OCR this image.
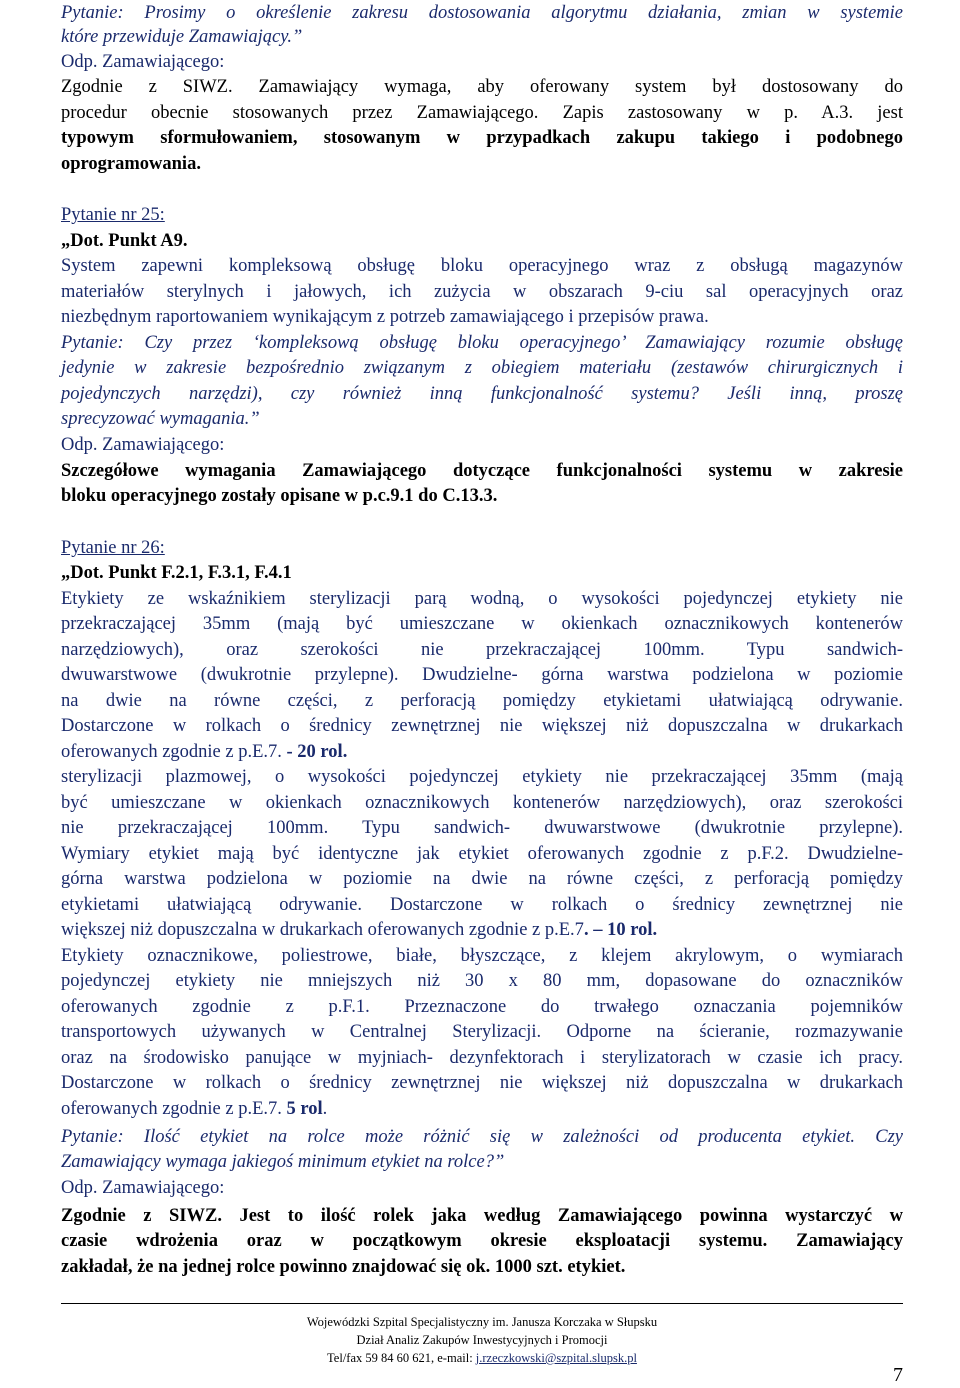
Pytanie: Prosimy o określenie zakresu dostosowania algorytmu działania, zmian w systemie
które przewiduje Zamawiający.”
Odp. Zamawiającego:
Zgodnie z SIWZ. Zamawiający wymaga, aby oferowany system był dostosowany do
procedur obecnie stosowanych przez Zamawiającego. Zapis zastosowany w p. A.3. jest
typowym sformułowaniem, stosowanym w przypadkach zakupu takiego i podobnego
oprogramowania.
Pytanie nr 25:
„Dot. Punkt A9.
System zapewni kompleksową obsługę bloku operacyjnego wraz z obsługą magazynów
materiałów sterylnych i jałowych, ich zużycia w obszarach 9-ciu sal operacyjnych oraz
niezbędnym raportowaniem wynikającym z potrzeb zamawiającego i przepisów prawa.
Pytanie: Czy przez ‘kompleksową obsługę bloku operacyjnego’ Zamawiający rozumie obsługę
jedynie w zakresie bezpośrednio związanym z obiegiem materiału (zestawów chirurgicznych i
pojedynczych narzędzi), czy również inną funkcjonalność systemu? Jeśli inną, proszę
sprecyzować wymagania.”
Odp. Zamawiającego:
Szczegółowe wymagania Zamawiającego dotyczące funkcjonalności systemu w zakresie
bloku operacyjnego zostały opisane w p.c.9.1 do C.13.3.
Pytanie nr 26:
„Dot. Punkt F.2.1, F.3.1, F.4.1
Etykiety ze wskaźnikiem sterylizacji parą wodną, o wysokości pojedynczej etykiety nie
przekraczającej 35mm (mają być umieszczane w okienkach oznacznikowych kontenerów
narzędziowych), oraz szerokości nie przekraczającej 100mm. Typu sandwich-
dwuwarstwowe (dwukrotnie przylepne). Dwudzielne- górna warstwa podzielona w poziomie
na dwie na równe części, z perforacją pomiędzy etykietami ułatwiającą odrywanie.
Dostarczone w rolkach o średnicy zewnętrznej nie większej niż dopuszczalna w drukarkach
oferowanych zgodnie z p.E.7. - 20 rol.
sterylizacji plazmowej, o wysokości pojedynczej etykiety nie przekraczającej 35mm (mają
być umieszczane w okienkach oznacznikowych kontenerów narzędziowych), oraz szerokości
nie przekraczającej 100mm. Typu sandwich- dwuwarstwowe (dwukrotnie przylepne).
Wymiary etykiet mają być identyczne jak etykiet oferowanych zgodnie z p.F.2. Dwudzielne-
górna warstwa podzielona w poziomie na dwie na równe części, z perforacją pomiędzy
etykietami ułatwiającą odrywanie. Dostarczone w rolkach o średnicy zewnętrznej nie
większej niż dopuszczalna w drukarkach oferowanych zgodnie z p.E.7. – 10 rol.
Etykiety oznacznikowe, poliestrowe, białe, błyszczące, z klejem akrylowym, o wymiarach
pojedynczej etykiety nie mniejszych niż 30 x 80 mm, dopasowane do oznaczników
oferowanych zgodnie z p.F.1. Przeznaczone do trwałego oznaczania pojemników
transportowych używanych w Centralnej Sterylizacji. Odporne na ścieranie, rozmazywanie
oraz na środowisko panujące w myjniach- dezynfektorach i sterylizatorach w czasie ich pracy.
Dostarczone w rolkach o średnicy zewnętrznej nie większej niż dopuszczalna w drukarkach
oferowanych zgodnie z p.E.7. 5 rol.
Pytanie: Ilość etykiet na rolce może różnić się w zależności od producenta etykiet. Czy
Zamawiający wymaga jakiegoś minimum etykiet na rolce?”
Odp. Zamawiającego:
Zgodnie z SIWZ. Jest to ilość rolek jaka według Zamawiającego powinna wystarczyć w
czasie wdrożenia oraz w początkowym okresie eksploatacji systemu. Zamawiający
zakładał, że na jednej rolce powinno znajdować się ok. 1000 szt. etykiet.
Wojewódzki Szpital Specjalistyczny im. Janusza Korczaka w Słupsku
Dział Analiz Zakupów Inwestycyjnych i Promocji
Tel/fax 59 84 60 621, e-mail: j.rzeczkowski@szpital.slupsk.pl
7
